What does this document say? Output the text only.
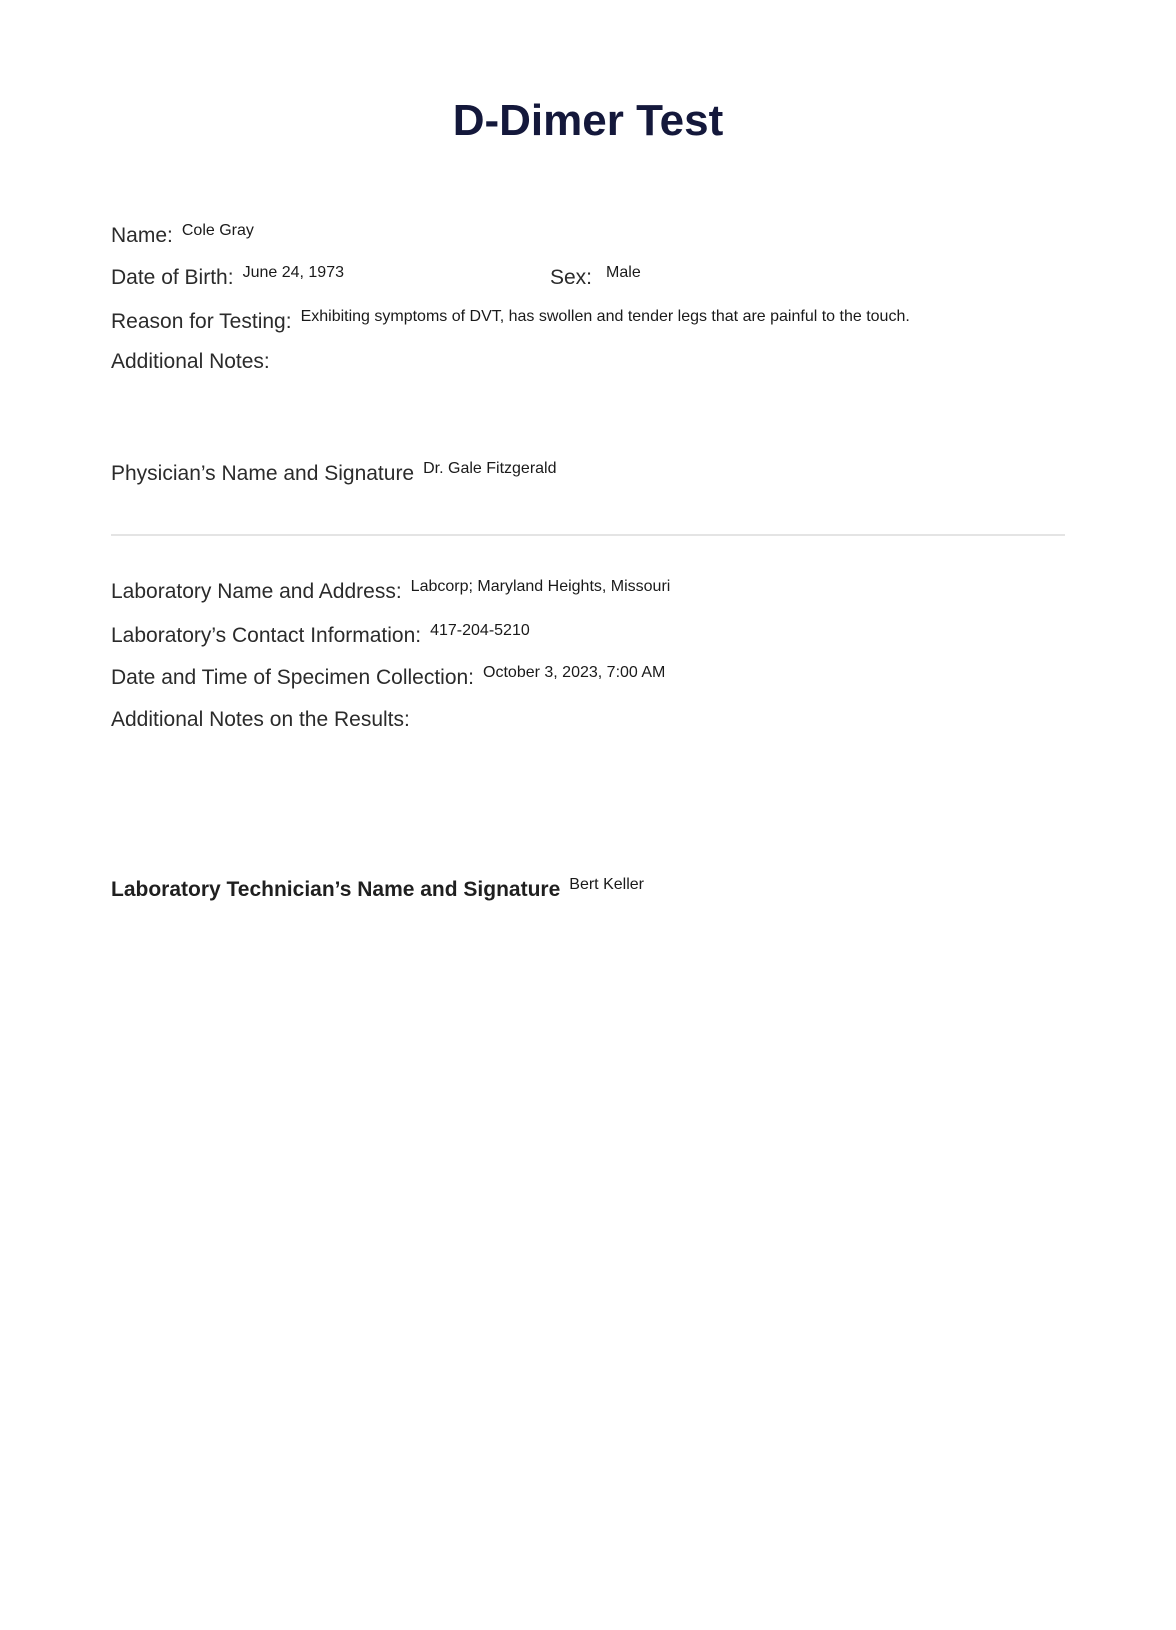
D-Dimer Test
Name: Cole Gray
Date of Birth: June 24, 1973	Sex: Male
Reason for Testing: Exhibiting symptoms of DVT, has swollen and tender legs that are painful to the touch.
Additional Notes:
Physician’s Name and Signature Dr. Gale Fitzgerald
Laboratory Name and Address: Labcorp; Maryland Heights, Missouri
Laboratory’s Contact Information: 417-204-5210
Date and Time of Specimen Collection: October 3, 2023, 7:00 AM
Additional Notes on the Results:
Laboratory Technician’s Name and Signature Bert Keller
